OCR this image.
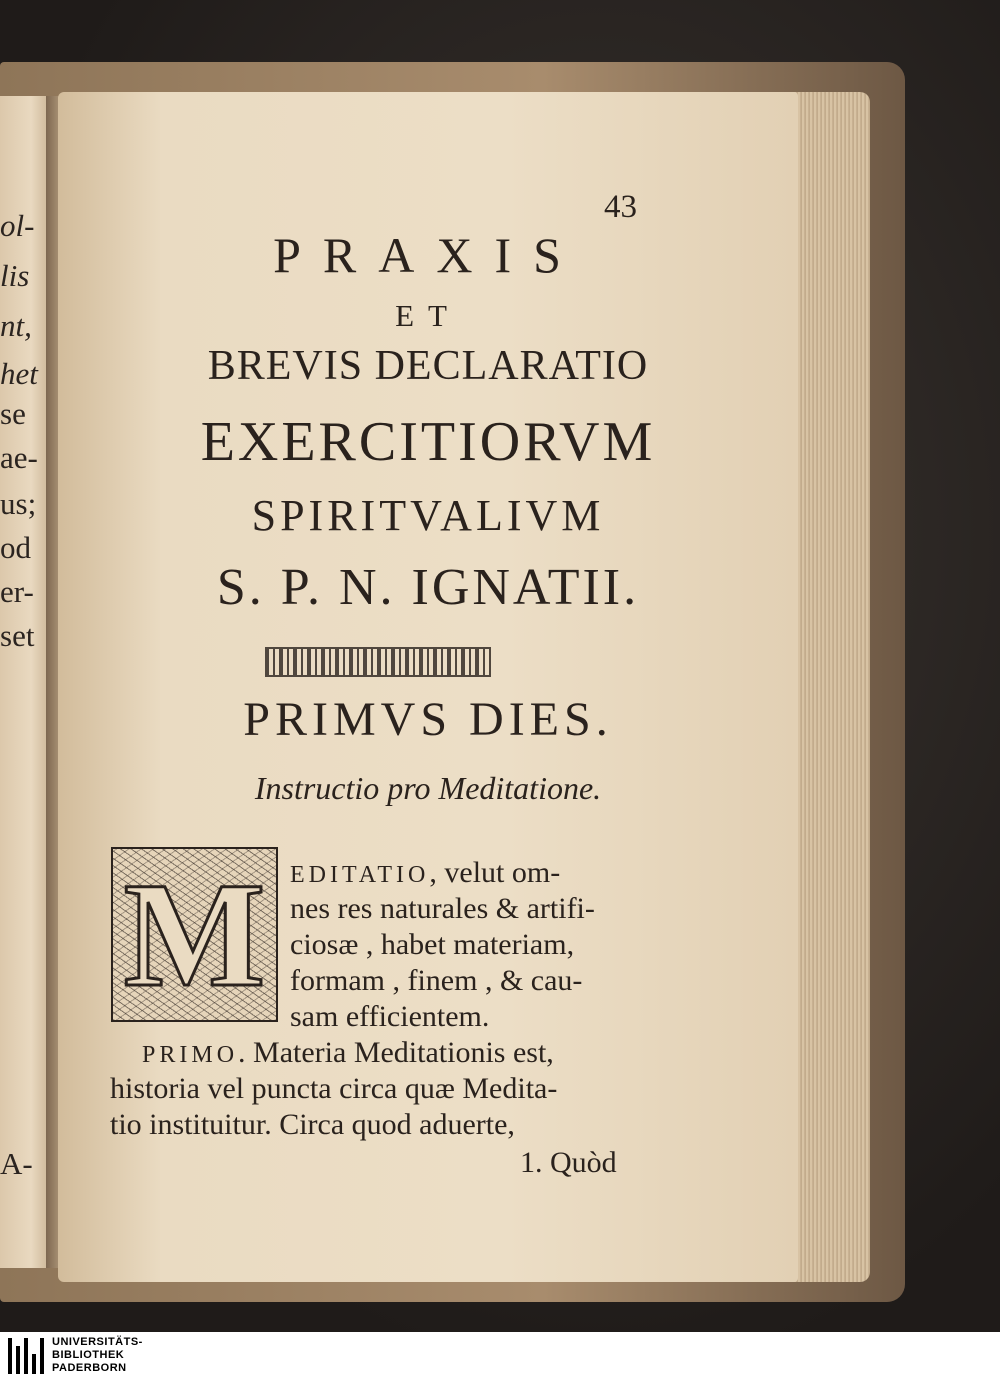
ol-
lis
nt,
het
se
ae-
us;
od
er-
set
A-
43
PRAXIS
ET
BREVIS DECLARATIO
EXERCITIORVM
SPIRITVALIVM
S. P. N. IGNATII.
PRIMVS DIES.
Instructio pro Meditatione.
M	EDITATIO, velut om-
nes res naturales & artifi-
ciosæ , habet materiam,
formam , finem , & cau-
sam efficientem.
PRIMO. Materia Meditationis est,
historia vel puncta circa quæ Medita-
tio instituitur. Circa quod aduerte,
1. Quòd
UNIVERSITÄTS-
BIBLIOTHEK
PADERBORN
